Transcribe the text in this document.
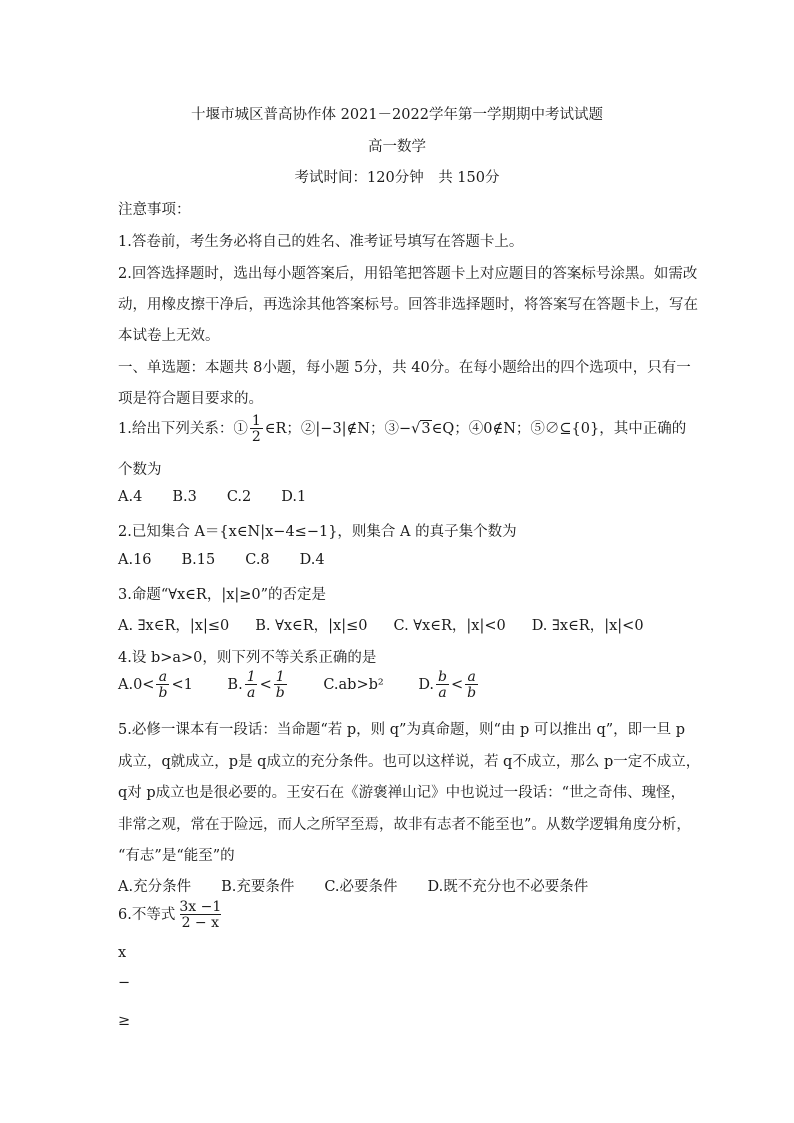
十堰市城区普高协作体 2021－2022学年第一学期期中考试试题
高一数学
考试时间：120分钟　共 150分
注意事项：
1.答卷前，考生务必将自己的姓名、准考证号填写在答题卡上。
2.回答选择题时，选出每小题答案后，用铅笔把答题卡上对应题目的答案标号涂黑。如需改
动，用橡皮擦干净后，再选涂其他答案标号。回答非选择题时，将答案写在答题卡上，写在
本试卷上无效。
一、单选题：本题共 8小题，每小题 5分，共 40分。在每小题给出的四个选项中，只有一
项是符合题目要求的。
1.给出下列关系：① $\frac{1}{2}$ ∈R；②|−3|∉N；③−√3∈Q；④0∉N；⑤∅⊆{0}，其中正确的
个数为
A.4 B.3 C.2 D.1
2.已知集合 A＝{x∈N|x−4≤−1}，则集合 A 的真子集个数为
A.16 B.15 C.8 D.4
3.命题“∀x∈R，|x|≥0”的否定是
A. ∃x∈R，|x|≤0 B. ∀x∈R，|x|≤0 C. ∀x∈R，|x|<0 D. ∃x∈R，|x|<0
4.设 b>a>0，则下列不等关系正确的是
$A.0< \frac{a}{b} <1$ B. $\frac{1}{a} < \frac{1}{b}$	C.ab>b² D. $\frac{b}{a} < \frac{a}{b}$
5.必修一课本有一段话：当命题“若 p，则 q”为真命题，则“由 p 可以推出 q”，即一旦 p
成立，q就成立，p是 q成立的充分条件。也可以这样说，若 q不成立，那么 p一定不成立，
q对 p成立也是很必要的。王安石在《游褒禅山记》中也说过一段话：“世之奇伟、瑰怪，
非常之观，常在于险远，而人之所罕至焉，故非有志者不能至也”。从数学逻辑角度分析，
“有志”是“能至”的
A.充分条件 B.充要条件 C.必要条件 D.既不充分也不必要条件
6.不等式 $\frac{3x -1}{2 - x}$
x
−
≥
